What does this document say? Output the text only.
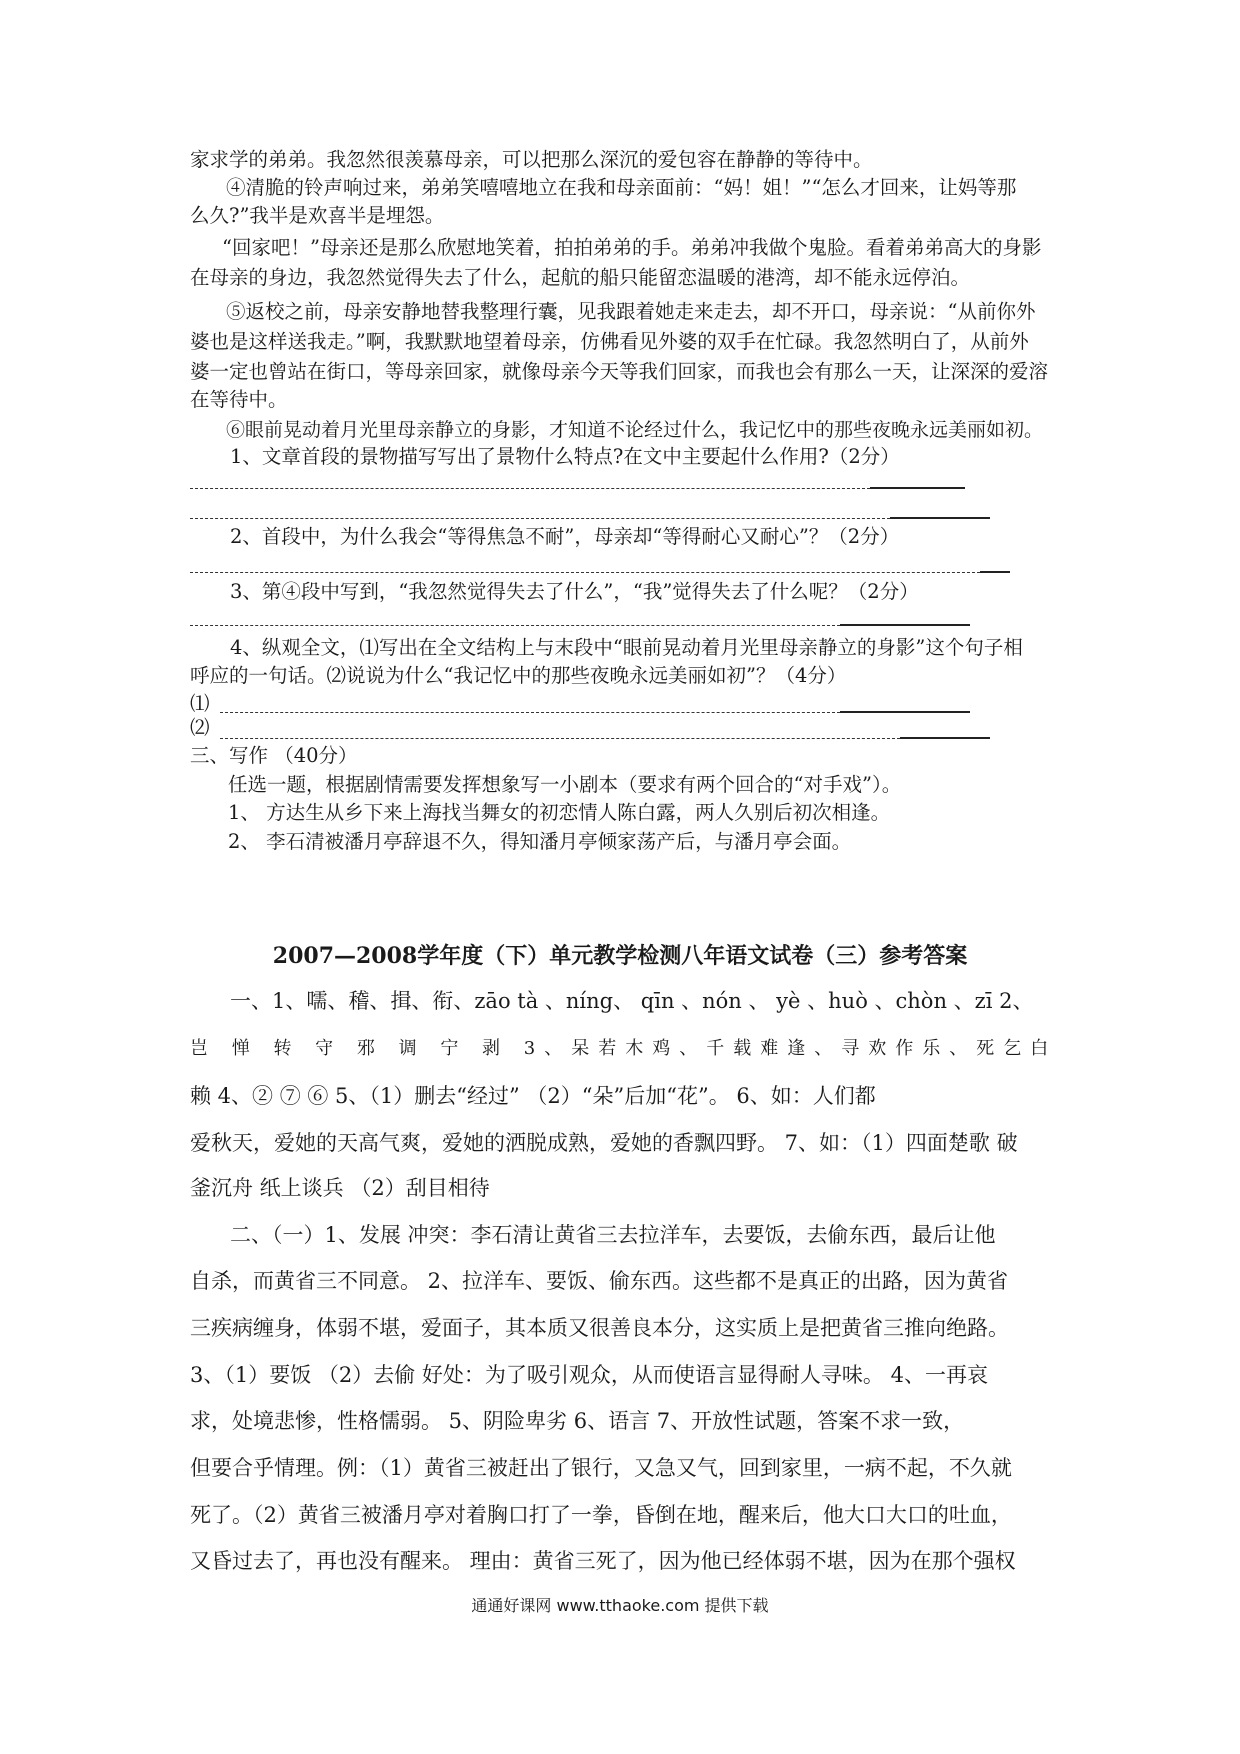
家求学的弟弟。我忽然很羡慕母亲，可以把那么深沉的爱包容在静静的等待中。
④清脆的铃声响过来，弟弟笑嘻嘻地立在我和母亲面前：“妈！姐！”“怎么才回来，让妈等那
么久?”我半是欢喜半是埋怨。
“回家吧！”母亲还是那么欣慰地笑着，拍拍弟弟的手。弟弟冲我做个鬼脸。看着弟弟高大的身影
在母亲的身边，我忽然觉得失去了什么，起航的船只能留恋温暖的港湾，却不能永远停泊。
⑤返校之前，母亲安静地替我整理行囊，见我跟着她走来走去，却不开口，母亲说：“从前你外
婆也是这样送我走。”啊，我默默地望着母亲，仿佛看见外婆的双手在忙碌。我忽然明白了，从前外
婆一定也曾站在街口，等母亲回家，就像母亲今天等我们回家，而我也会有那么一天，让深深的爱溶
在等待中。
⑥眼前晃动着月光里母亲静立的身影，才知道不论经过什么，我记忆中的那些夜晚永远美丽如初。
1、文章首段的景物描写写出了景物什么特点?在文中主要起什么作用?（2分）
2、首段中，为什么我会“等得焦急不耐”，母亲却“等得耐心又耐心”？（2分）
3、第④段中写到，“我忽然觉得失去了什么”，“我”觉得失去了什么呢？（2分）
4、纵观全文，⑴写出在全文结构上与末段中“眼前晃动着月光里母亲静立的身影”这个句子相
呼应的一句话。⑵说说为什么“我记忆中的那些夜晚永远美丽如初”？（4分）
⑴
⑵
三、写作 （40分）
任选一题，根据剧情需要发挥想象写一小剧本（要求有两个回合的“对手戏”）。
1、 方达生从乡下来上海找当舞女的初恋情人陈白露，两人久别后初次相逢。
2、 李石清被潘月亭辞退不久，得知潘月亭倾家荡产后，与潘月亭会面。
2007—2008学年度（下）单元教学检测八年语文试卷（三）参考答案
一、1、嚅、稽、揖、衔、zāo tà 、níng、 qīn 、nón 、 yè 、huò 、chòn 、zī 2、
岂 惮 转 守 邪 调 宁 剥 3、呆若木鸡、千载难逢、寻欢作乐、死乞白
赖 4、② ⑦ ⑥ 5、（1）删去“经过” （2）“朵”后加“花”。 6、如：人们都
爱秋天，爱她的天高气爽，爱她的洒脱成熟，爱她的香飘四野。 7、如：（1）四面楚歌 破
釜沉舟 纸上谈兵 （2）刮目相待
二、（一）1、发展 冲突：李石清让黄省三去拉洋车，去要饭，去偷东西，最后让他
自杀，而黄省三不同意。 2、拉洋车、要饭、偷东西。这些都不是真正的出路，因为黄省
三疾病缠身，体弱不堪，爱面子，其本质又很善良本分，这实质上是把黄省三推向绝路。
3、（1）要饭 （2）去偷 好处：为了吸引观众，从而使语言显得耐人寻味。 4、一再哀
求，处境悲惨，性格懦弱。 5、阴险卑劣 6、语言 7、开放性试题，答案不求一致，
但要合乎情理。例：（1）黄省三被赶出了银行，又急又气，回到家里，一病不起，不久就
死了。（2）黄省三被潘月亭对着胸口打了一拳，昏倒在地，醒来后，他大口大口的吐血，
又昏过去了，再也没有醒来。 理由：黄省三死了，因为他已经体弱不堪，因为在那个强权
通通好课网 www.tthaoke.com 提供下载
